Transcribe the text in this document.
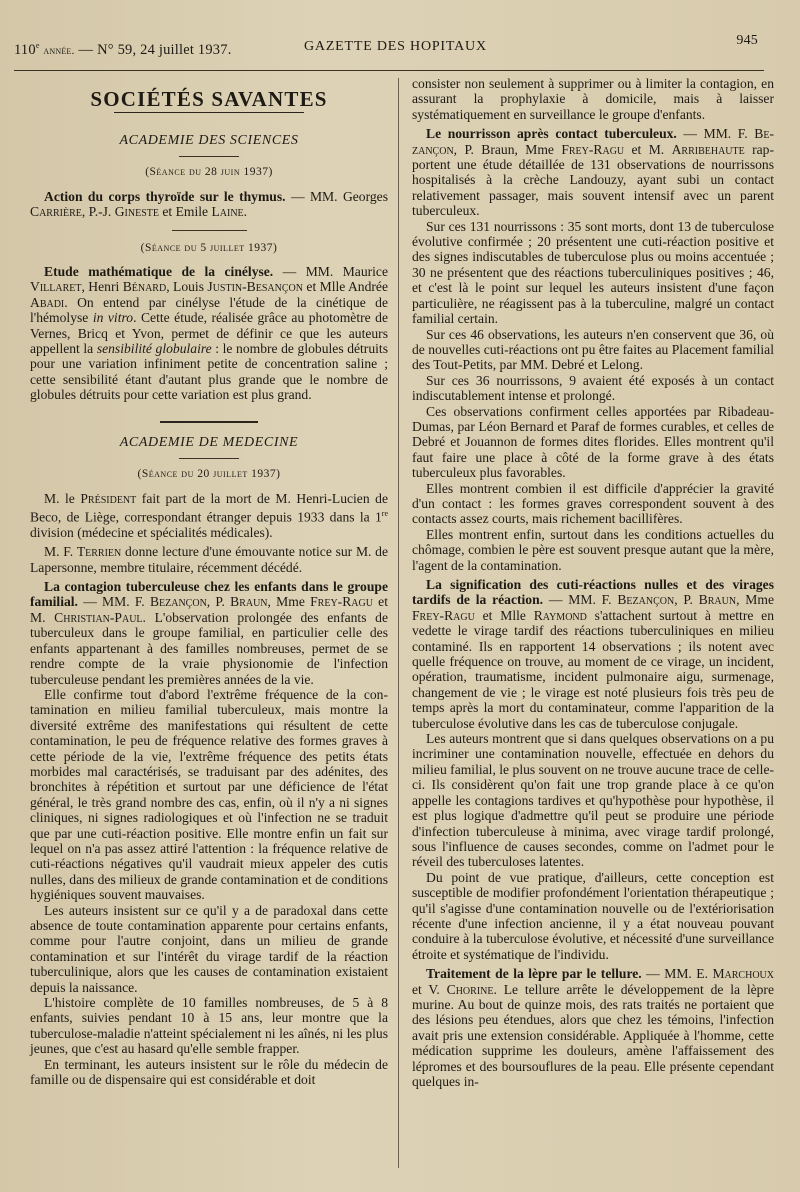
110e année. — N° 59, 24 juillet 1937.	GAZETTE DES HOPITAUX	945
SOCIÉTÉS SAVANTES
ACADEMIE DES SCIENCES
(Séance du 28 juin 1937)

Action du corps thyroïde sur le thymus. — MM. Georges Carrière, P.-J. Gineste et Emile Laine.

(Séance du 5 juillet 1937)

Etude mathématique de la cinélyse. — MM. Maurice Villaret, Henri Bénard, Louis Justin-Besançon et Mlle Andrée Abadi. On entend par cinélyse l'étude de la cinétique de l'hémolyse in vitro. Cette étude, réalisée grâce au photomètre de Vernes, Bricq et Yvon, permet de définir ce que les auteurs appellent la sensibilité globulaire : le nombre de globules détruits pour une variation infiniment petite de concentration saline ; cette sensibilité étant d'autant plus grande que le nombre de globules détruits pour cette variation est plus grand.

ACADEMIE DE MEDECINE
(Séance du 20 juillet 1937)

M. le Président fait part de la mort de M. Henri-Lucien de Beco, de Liège, correspondant étranger depuis 1933 dans la 1re division (médecine et spécialités médicales).

M. F. Terrien donne lecture d'une émouvante notice sur M. de Lapersonne, membre titulaire, récemment décédé.

La contagion tuberculeuse chez les enfants dans le groupe familial. — MM. F. Bezançon, P. Braun, Mme Frey-Ragu et M. Christian-Paul. L'observation prolongée des enfants de tuberculeux dans le groupe familial, en particulier celle des enfants appartenant à des familles nombreuses, permet de se rendre compte de la vraie physionomie de l'infection tuberculeuse pendant les premières années de la vie.

Elle confirme tout d'abord l'extrême fréquence de la contamination en milieu familial tuberculeux, mais montre la diversité extrême des manifestations qui résultent de cette contamination, le peu de fréquence relative des formes graves à cette période de la vie, l'extrême fréquence des petits états morbides mal caractérisés, se traduisant par des adénites, des bronchites à répétition et surtout par une déficience de l'état général, le très grand nombre des cas, enfin, où il n'y a ni signes cliniques, ni signes radiologiques et où l'infection ne se traduit que par une cuti-réaction positive. Elle montre enfin un fait sur lequel on n'a pas assez attiré l'attention : la fréquence relative de cuti-réactions négatives qu'il vaudrait mieux appeler des cutis nulles, dans des milieux de grande contamination et de conditions hygiéniques souvent mauvaises.

Les auteurs insistent sur ce qu'il y a de paradoxal dans cette absence de toute contamination apparente pour certains enfants, comme pour l'autre conjoint, dans un milieu de grande contamination et sur l'intérêt du virage tardif de la réaction tuberculinique, alors que les causes de contamination existaient depuis la naissance.

L'histoire complète de 10 familles nombreuses, de 5 à 8 enfants, suivies pendant 10 à 15 ans, leur montre que la tuberculose-maladie n'atteint spécialement ni les aînés, ni les plus jeunes, que c'est au hasard qu'elle semble frapper.

En terminant, les auteurs insistent sur le rôle du médecin de famille ou de dispensaire qui est considérable et doit

consister non seulement à supprimer ou à limiter la contagion, en assurant la prophylaxie à domicile, mais à laisser systématiquement en surveillance le groupe d'enfants.

Le nourrisson après contact tuberculeux. — MM. F. Bezançon, P. Braun, Mme Frey-Ragu et M. Arribehaute rapportent une étude détaillée de 131 observations de nourrissons hospitalisés à la crèche Landouzy, ayant subi un contact relativement passager, mais souvent intensif avec un parent tuberculeux.

Sur ces 131 nourrissons : 35 sont morts, dont 13 de tuberculose évolutive confirmée ; 20 présentent une cuti-réaction positive et des signes indiscutables de tuberculose plus ou moins accentuée ; 30 ne présentent que des réactions tuberculiniques positives ; 46, et c'est là le point sur lequel les auteurs insistent d'une façon particulière, ne réagissent pas à la tuberculine, malgré un contact familial certain.

Sur ces 46 observations, les auteurs n'en conservent que 36, où de nouvelles cuti-réactions ont pu être faites au Placement familial des Tout-Petits, par MM. Debré et Lelong.

Sur ces 36 nourrissons, 9 avaient été exposés à un contact indiscutablement intense et prolongé.

Ces observations confirment celles apportées par Ribadeau-Dumas, par Léon Bernard et Paraf de formes curables, et celles de Debré et Jouannon de formes dites florides. Elles montrent qu'il faut faire une place à côté de la forme grave à des états tuberculeux plus favorables.

Elles montrent combien il est difficile d'apprécier la gravité d'un contact : les formes graves correspondent souvent à des contacts assez courts, mais richement bacillifères.

Elles montrent enfin, surtout dans les conditions actuelles du chômage, combien le père est souvent presque autant que la mère, l'agent de la contamination.

La signification des cuti-réactions nulles et des virages tardifs de la réaction. — MM. F. Bezançon, P. Braun, Mme Frey-Ragu et Mlle Raymond s'attachent surtout à mettre en vedette le virage tardif des réactions tuberculiniques en milieu contaminé. Ils en rapportent 14 observations ; ils notent avec quelle fréquence on trouve, au moment de ce virage, un incident, opération, traumatisme, incident pulmonaire aigu, surmenage, changement de vie ; le virage est noté plusieurs fois très peu de temps après la mort du contaminateur, comme l'apparition de la tuberculose évolutive dans les cas de tuberculose conjugale.

Les auteurs montrent que si dans quelques observations on a pu incriminer une contamination nouvelle, effectuée en dehors du milieu familial, le plus souvent on ne trouve aucune trace de celle-ci. Ils considèrent qu'on fait une trop grande place à ce qu'on appelle les contagions tardives et qu'hypothèse pour hypothèse, il est plus logique d'admettre qu'il peut se produire une période d'infection tuberculeuse à minima, avec virage tardif prolongé, sous l'influence de causes secondes, comme on l'admet pour le réveil des tuberculoses latentes.

Du point de vue pratique, d'ailleurs, cette conception est susceptible de modifier profondément l'orientation thérapeutique ; qu'il s'agisse d'une contamination nouvelle ou de l'extériorisation récente d'une infection ancienne, il y a état nouveau pouvant conduire à la tuberculose évolutive, et nécessité d'une surveillance étroite et systématique de l'individu.

Traitement de la lèpre par le tellure. — MM. E. Marchoux et V. Chorine. Le tellure arrête le développement de la lèpre murine. Au bout de quinze mois, des rats traités ne portaient que des lésions peu étendues, alors que chez les témoins, l'infection avait pris une extension considérable. Appliquée à l'homme, cette médication supprime les douleurs, amène l'affaissement des lépromes et des boursouflures de la peau. Elle présente cependant quelques in-
